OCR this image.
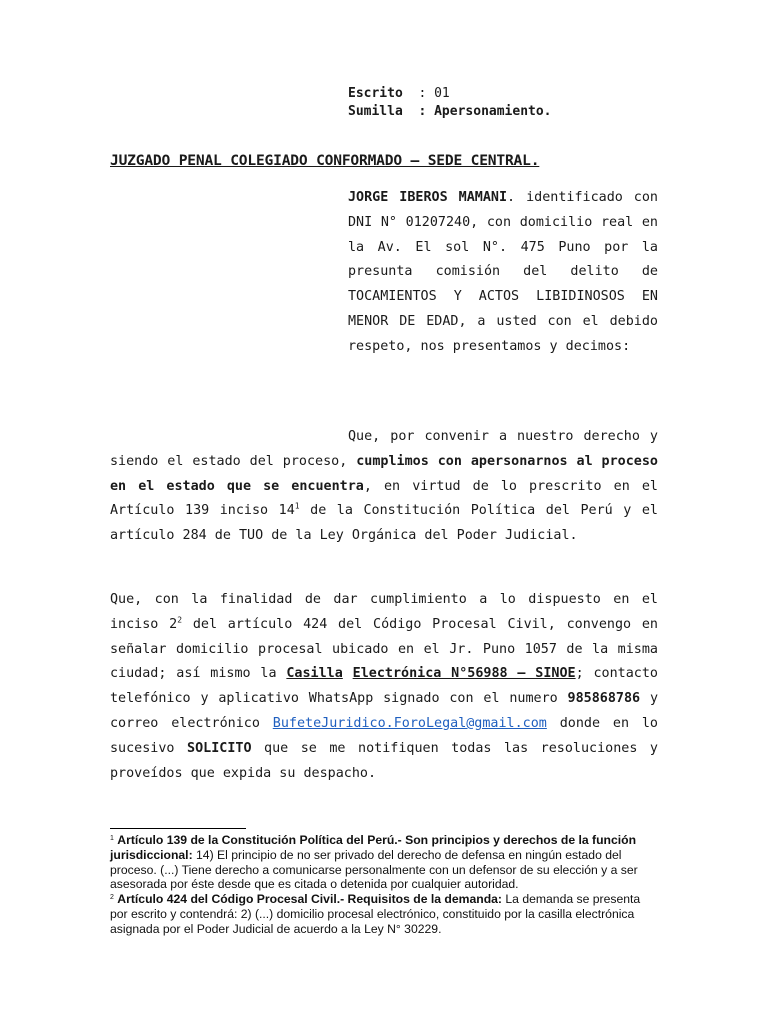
Escrito : 01
Sumilla : Apersonamiento.
JUZGADO PENAL COLEGIADO CONFORMADO – SEDE CENTRAL.
JORGE IBEROS MAMANI. identificado con DNI N° 01207240, con domicilio real en la Av. El sol N°. 475 Puno por la presunta comisión del delito de TOCAMIENTOS Y ACTOS LIBIDINOSOS EN MENOR DE EDAD, a usted con el debido respeto, nos presentamos y decimos:
Que, por convenir a nuestro derecho y siendo el estado del proceso, cumplimos con apersonarnos al proceso en el estado que se encuentra, en virtud de lo prescrito en el Artículo 139 inciso $14^1$ de la Constitución Política del Perú y el artículo 284 de TUO de la Ley Orgánica del Poder Judicial.
Que, con la finalidad de dar cumplimiento a lo dispuesto en el inciso $2^2$ del artículo 424 del Código Procesal Civil, convengo en señalar domicilio procesal ubicado en el Jr. Puno 1057 de la misma ciudad; así mismo la Casilla Electrónica N°56988 – SINOE; contacto telefónico y aplicativo WhatsApp signado con el numero 985868786 y correo electrónico BufeteJuridico.ForoLegal@gmail.com donde en lo sucesivo SOLICITO que se me notifiquen todas las resoluciones y proveídos que expida su despacho.

$^1$ Artículo 139 de la Constitución Política del Perú.- Son principios y derechos de la función jurisdiccional: 14) El principio de no ser privado del derecho de defensa en ningún estado del proceso. (...) Tiene derecho a comunicarse personalmente con un defensor de su elección y a ser asesorada por éste desde que es citada o detenida por cualquier autoridad.

$^2$ Artículo 424 del Código Procesal Civil.- Requisitos de la demanda: La demanda se presenta por escrito y contendrá: 2) (...) domicilio procesal electrónico, constituido por la casilla electrónica asignada por el Poder Judicial de acuerdo a la Ley N° 30229.
